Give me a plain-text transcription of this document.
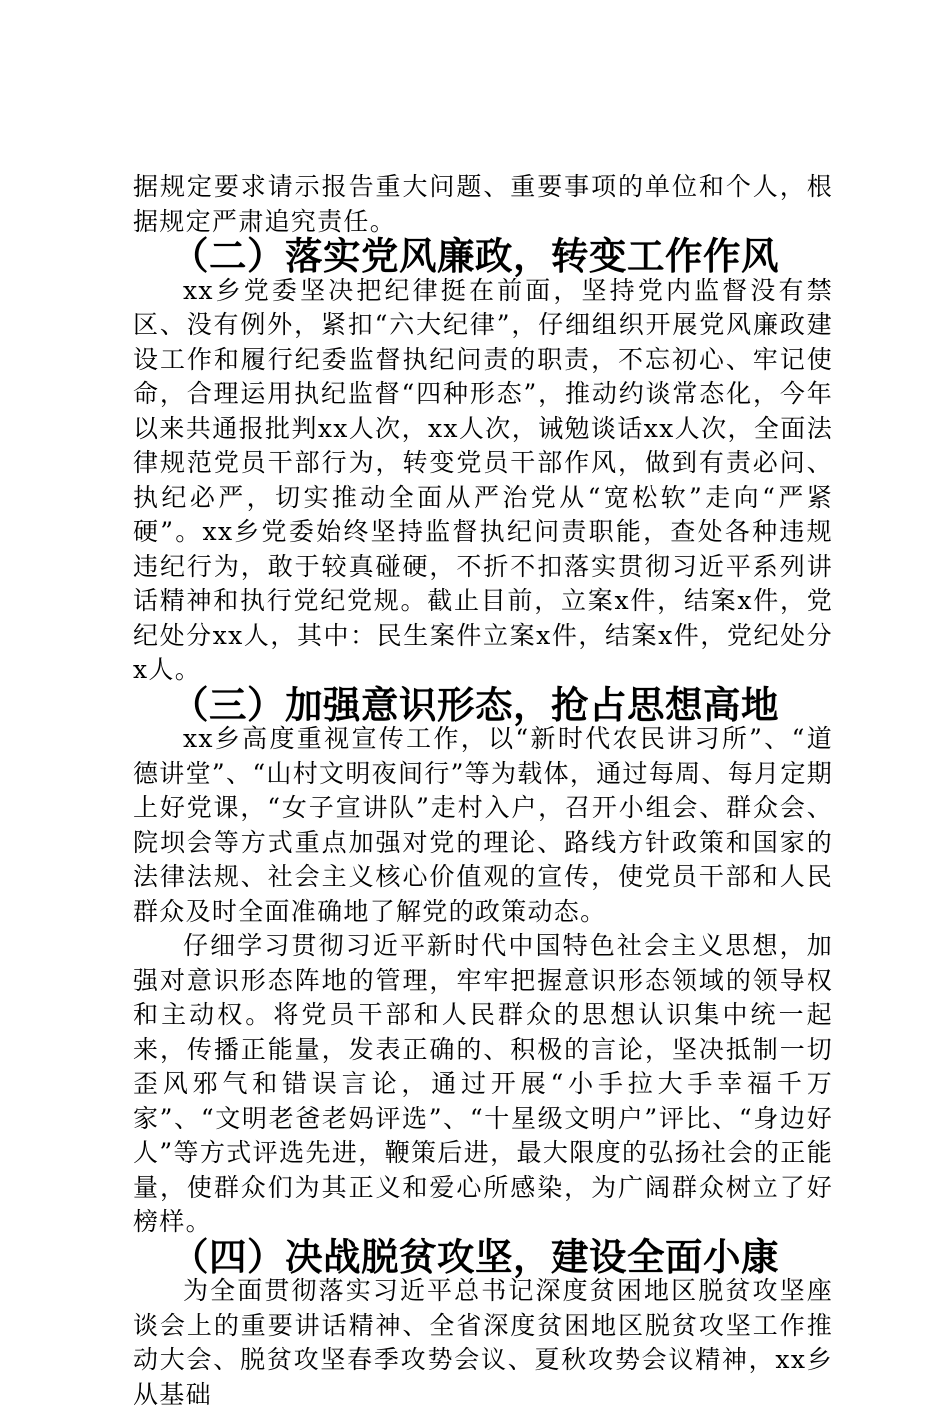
据规定要求请示报告重大问题、重要事项的单位和个人，根据规定严肃追究责任。

（二）落实党风廉政，转变工作作风

xx乡党委坚决把纪律挺在前面，坚持党内监督没有禁区、没有例外，紧扣“六大纪律”，仔细组织开展党风廉政建设工作和履行纪委监督执纪问责的职责，不忘初心、牢记使命，合理运用执纪监督“四种形态”，推动约谈常态化，今年以来共通报批判xx人次，xx人次，诫勉谈话xx人次，全面法律规范党员干部行为，转变党员干部作风，做到有责必问、执纪必严，切实推动全面从严治党从“宽松软”走向“严紧硬”。xx乡党委始终坚持监督执纪问责职能，查处各种违规违纪行为，敢于较真碰硬，不折不扣落实贯彻习近平系列讲话精神和执行党纪党规。截止目前，立案x件，结案x件，党纪处分xx人，其中：民生案件立案x件，结案x件，党纪处分x人。

（三）加强意识形态，抢占思想高地

xx乡高度重视宣传工作，以“新时代农民讲习所”、“道德讲堂”、“山村文明夜间行”等为载体，通过每周、每月定期上好党课，“女子宣讲队”走村入户，召开小组会、群众会、院坝会等方式重点加强对党的理论、路线方针政策和国家的法律法规、社会主义核心价值观的宣传，使党员干部和人民群众及时全面准确地了解党的政策动态。

仔细学习贯彻习近平新时代中国特色社会主义思想，加强对意识形态阵地的管理，牢牢把握意识形态领域的领导权和主动权。将党员干部和人民群众的思想认识集中统一起来，传播正能量，发表正确的、积极的言论，坚决抵制一切歪风邪气和错误言论，通过开展“小手拉大手幸福千万家”、“文明老爸老妈评选”、“十星级文明户”评比、“身边好人”等方式评选先进，鞭策后进，最大限度的弘扬社会的正能量，使群众们为其正义和爱心所感染，为广阔群众树立了好榜样。

（四）决战脱贫攻坚，建设全面小康

为全面贯彻落实习近平总书记深度贫困地区脱贫攻坚座谈会上的重要讲话精神、全省深度贫困地区脱贫攻坚工作推动大会、脱贫攻坚春季攻势会议、夏秋攻势会议精神，xx乡从基础
